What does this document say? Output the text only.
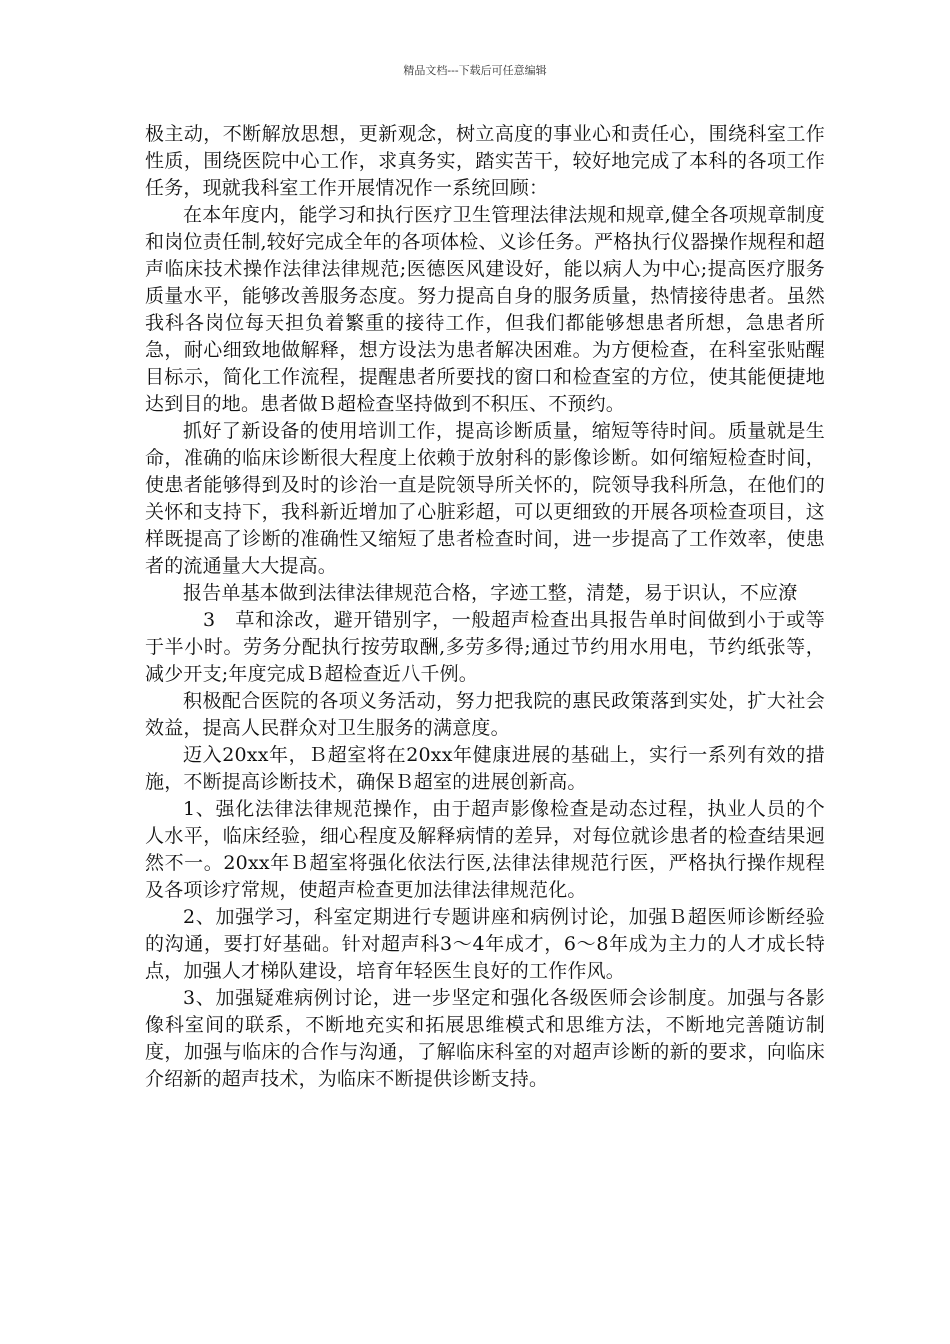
精品文档---下载后可任意编辑

极主动，不断解放思想，更新观念，树立高度的事业心和责任心，围绕科室工作性质，围绕医院中心工作，求真务实，踏实苦干，较好地完成了本科的各项工作任务，现就我科室工作开展情况作一系统回顾：

在本年度内，能学习和执行医疗卫生管理法律法规和规章,健全各项规章制度和岗位责任制,较好完成全年的各项体检、义诊任务。严格执行仪器操作规程和超声临床技术操作法律法律规范;医德医风建设好，能以病人为中心;提高医疗服务质量水平，能够改善服务态度。努力提高自身的服务质量，热情接待患者。虽然我科各岗位每天担负着繁重的接待工作，但我们都能够想患者所想，急患者所急，耐心细致地做解释，想方设法为患者解决困难。为方便检查，在科室张贴醒目标示，简化工作流程，提醒患者所要找的窗口和检查室的方位，使其能便捷地达到目的地。患者做Ｂ超检查坚持做到不积压、不预约。

抓好了新设备的使用培训工作，提高诊断质量，缩短等待时间。质量就是生命，准确的临床诊断很大程度上依赖于放射科的影像诊断。如何缩短检查时间，使患者能够得到及时的诊治一直是院领导所关怀的，院领导我科所急，在他们的关怀和支持下，我科新近增加了心脏彩超，可以更细致的开展各项检查项目，这样既提高了诊断的准确性又缩短了患者检查时间，进一步提高了工作效率，使患者的流通量大大提高。

报告单基本做到法律法律规范合格，字迹工整，清楚，易于识认，不应潦

3　草和涂改，避开错别字，一般超声检查出具报告单时间做到小于或等于半小时。劳务分配执行按劳取酬,多劳多得;通过节约用水用电，节约纸张等，减少开支;年度完成Ｂ超检查近八千例。

积极配合医院的各项义务活动，努力把我院的惠民政策落到实处，扩大社会效益，提高人民群众对卫生服务的满意度。

迈入20xx年，Ｂ超室将在20xx年健康进展的基础上，实行一系列有效的措施，不断提高诊断技术，确保Ｂ超室的进展创新高。

1、强化法律法律规范操作，由于超声影像检查是动态过程，执业人员的个人水平，临床经验，细心程度及解释病情的差异，对每位就诊患者的检查结果迥然不一。20xx年Ｂ超室将强化依法行医,法律法律规范行医，严格执行操作规程及各项诊疗常规，使超声检查更加法律法律规范化。

2、加强学习，科室定期进行专题讲座和病例讨论，加强Ｂ超医师诊断经验的沟通，要打好基础。针对超声科3～4年成才，6～8年成为主力的人才成长特点，加强人才梯队建设，培育年轻医生良好的工作作风。

3、加强疑难病例讨论，进一步坚定和强化各级医师会诊制度。加强与各影像科室间的联系，不断地充实和拓展思维模式和思维方法，不断地完善随访制度，加强与临床的合作与沟通，了解临床科室的对超声诊断的新的要求，向临床介绍新的超声技术，为临床不断提供诊断支持。
